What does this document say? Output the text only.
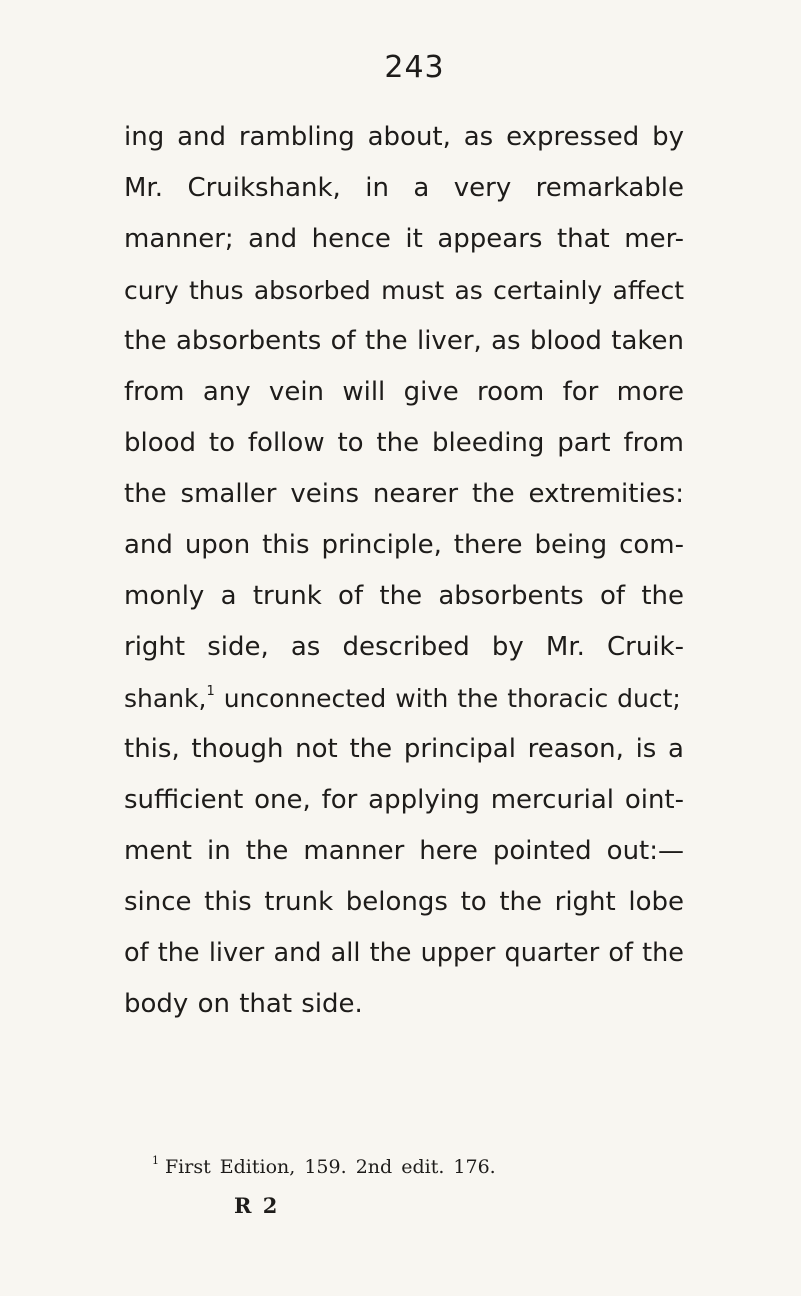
243
ing and rambling about, as expressed by
Mr. Cruikshank, in a very remarkable
manner; and hence it appears that mer-
cury thus absorbed must as certainly affect
the absorbents of the liver, as blood taken
from any vein will give room for more
blood to follow to the bleeding part from
the smaller veins nearer the extremities:
and upon this principle, there being com-
monly a trunk of the absorbents of the
right side, as described by Mr. Cruik-
shank,$^1$ unconnected with the thoracic duct;
this, though not the principal reason, is a
sufficient one, for applying mercurial oint-
ment in the manner here pointed out:—
since this trunk belongs to the right lobe
of the liver and all the upper quarter of the
body on that side.
$^1$ First Edition, 159. 2nd edit. 176.
R 2
